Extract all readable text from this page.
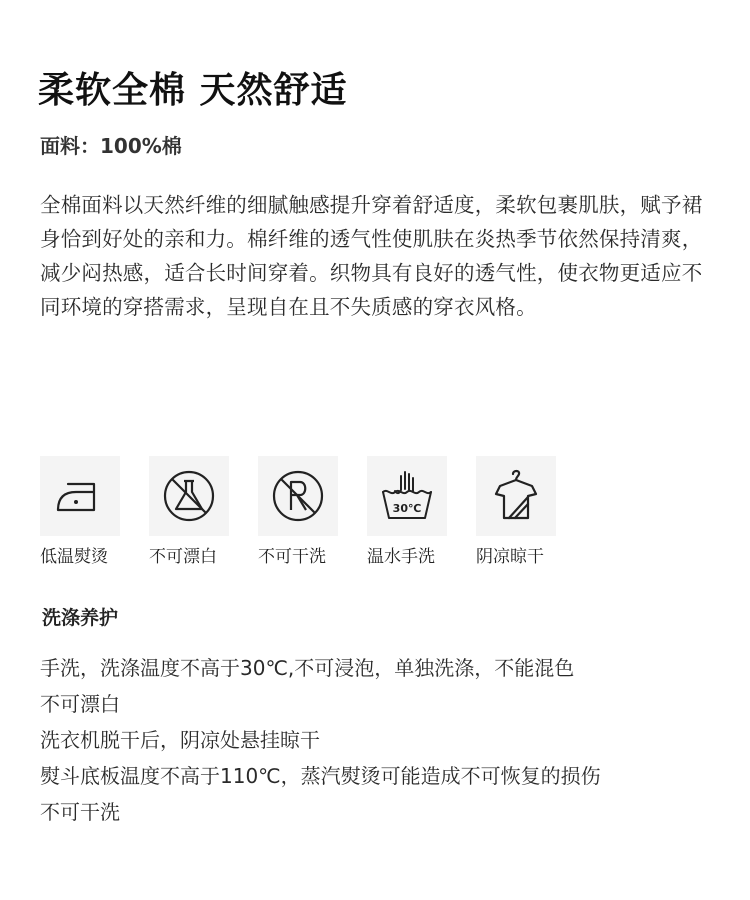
柔软全棉 天然舒适
面料：100%棉
全棉面料以天然纤维的细腻触感提升穿着舒适度，柔软包裹肌肤，赋予裙身恰到好处的亲和力。棉纤维的透气性使肌肤在炎热季节依然保持清爽，减少闷热感，适合长时间穿着。织物具有良好的透气性，使衣物更适应不同环境的穿搭需求，呈现自在且不失质感的穿衣风格。
低温熨烫 不可漂白 不可干洗
30℃
温水手洗 阴凉晾干
洗涤养护
手洗，洗涤温度不高于30℃,不可浸泡，单独洗涤，不能混色
不可漂白
洗衣机脱干后，阴凉处悬挂晾干
熨斗底板温度不高于110℃，蒸汽熨烫可能造成不可恢复的损伤
不可干洗
